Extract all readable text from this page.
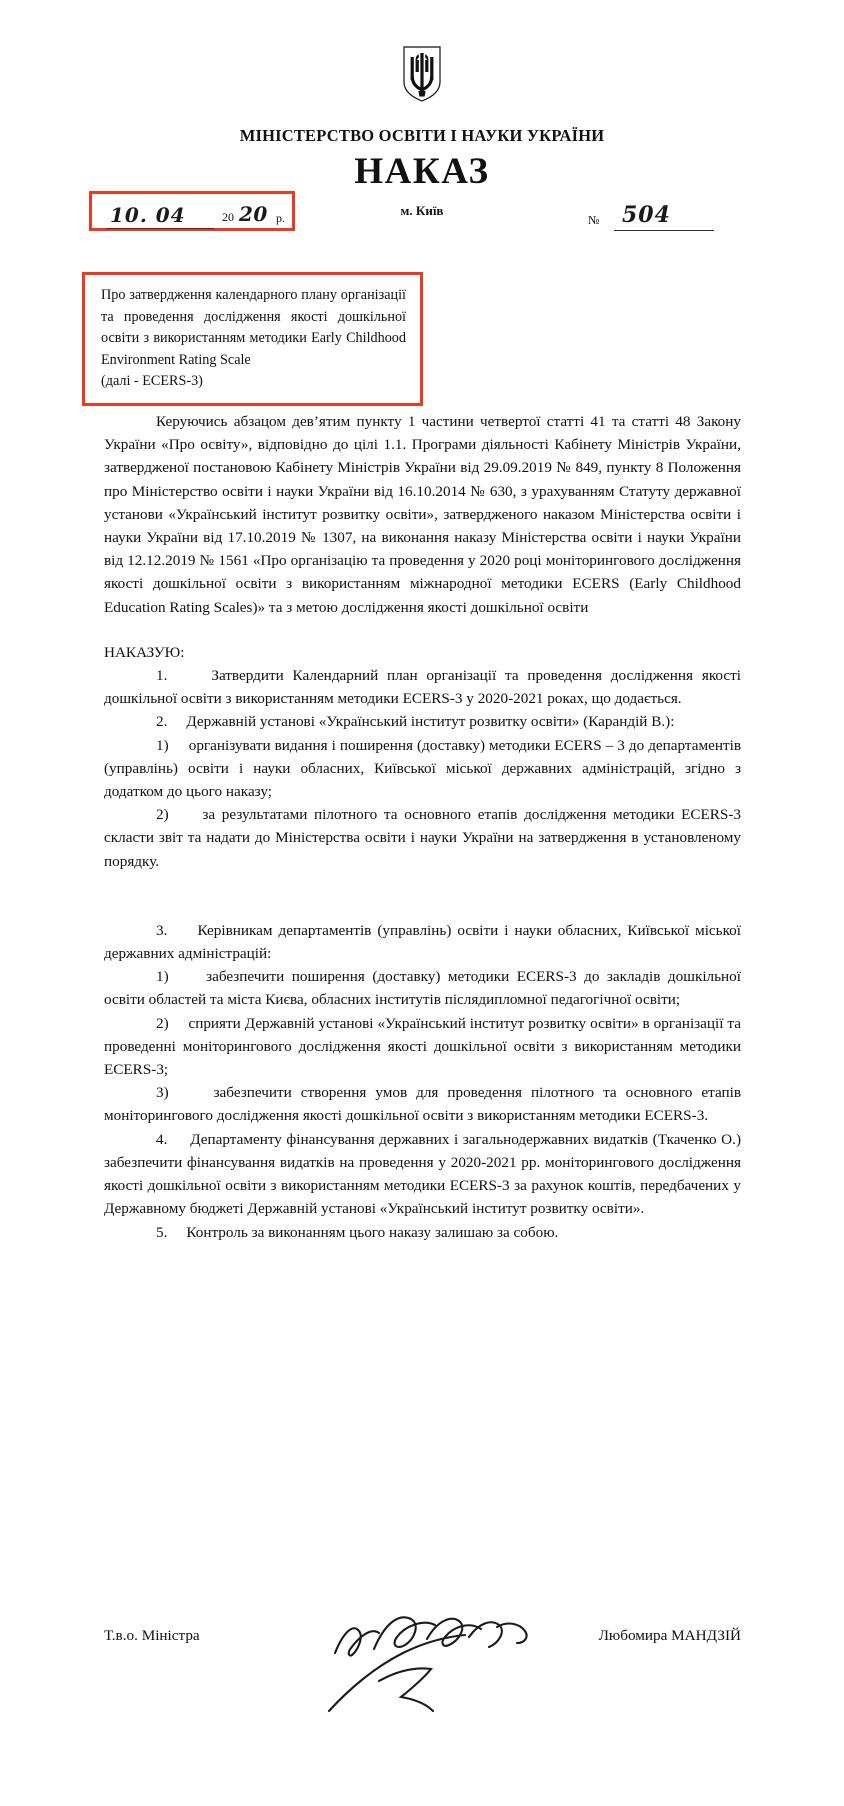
МІНІСТЕРСТВО ОСВІТИ І НАУКИ УКРАЇНИ
НАКАЗ
м. Київ
10. 04	20 20 р.	№ 504

Про затвердження календарного плану організації та проведення дослідження якості дошкільної освіти з використанням методики Early Childhood Environment Rating Scale

(далі - ECERS-3)

Керуючись абзацом дев’ятим пункту 1 частини четвертої статті 41 та статті 48 Закону України «Про освіту», відповідно до цілі 1.1. Програми діяльності Кабінету Міністрів України, затвердженої постановою Кабінету Міністрів України від 29.09.2019 № 849, пункту 8 Положення про Міністерство освіти і науки України від 16.10.2014 № 630, з урахуванням Статуту державної установи «Український інститут розвитку освіти», затвердженого наказом Міністерства освіти і науки України від 17.10.2019 № 1307, на виконання наказу Міністерства освіти і науки України від 12.12.2019 № 1561 «Про організацію та проведення у 2020 році моніторингового дослідження якості дошкільної освіти з використанням міжнародної методики ECERS (Early Childhood Education Rating Scales)» та з метою дослідження якості дошкільної освіти

НАКАЗУЮ:

1.	Затвердити Календарний план організації та проведення дослідження якості дошкільної освіти з використанням методики ECERS-3 у 2020-2021 роках, що додається.

2. Державній установі «Український інститут розвитку освіти» (Карандій В.):

1) організувати видання і поширення (доставку) методики ECERS – 3 до департаментів (управлінь) освіти і науки обласних, Київської міської державних адміністрацій, згідно з додатком до цього наказу;

2) за результатами пілотного та основного етапів дослідження методики ECERS-3 скласти звіт та надати до Міністерства освіти і науки України на затвердження в установленому порядку.

3. Керівникам департаментів (управлінь) освіти і науки обласних, Київської міської державних адміністрацій:

1) забезпечити поширення (доставку) методики ECERS-3 до закладів дошкільної освіти областей та міста Києва, обласних інститутів післядипломної педагогічної освіти;

2) сприяти Державній установі «Український інститут розвитку освіти» в організації та проведенні моніторингового дослідження якості дошкільної освіти з використанням методики ECERS-3;

3)	забезпечити створення умов для проведення пілотного та основного етапів моніторингового дослідження якості дошкільної освіти з використанням методики ECERS-3.

4. Департаменту фінансування державних і загальнодержавних видатків (Ткаченко О.) забезпечити фінансування видатків на проведення у 2020-2021 рр. моніторингового дослідження якості дошкільної освіти з використанням методики ECERS-3 за рахунок коштів, передбачених у Державному бюджеті Державній установі «Український інститут розвитку освіти».

5. Контроль за виконанням цього наказу залишаю за собою.

Т.в.о. Міністра	Любомира МАНДЗІЙ
